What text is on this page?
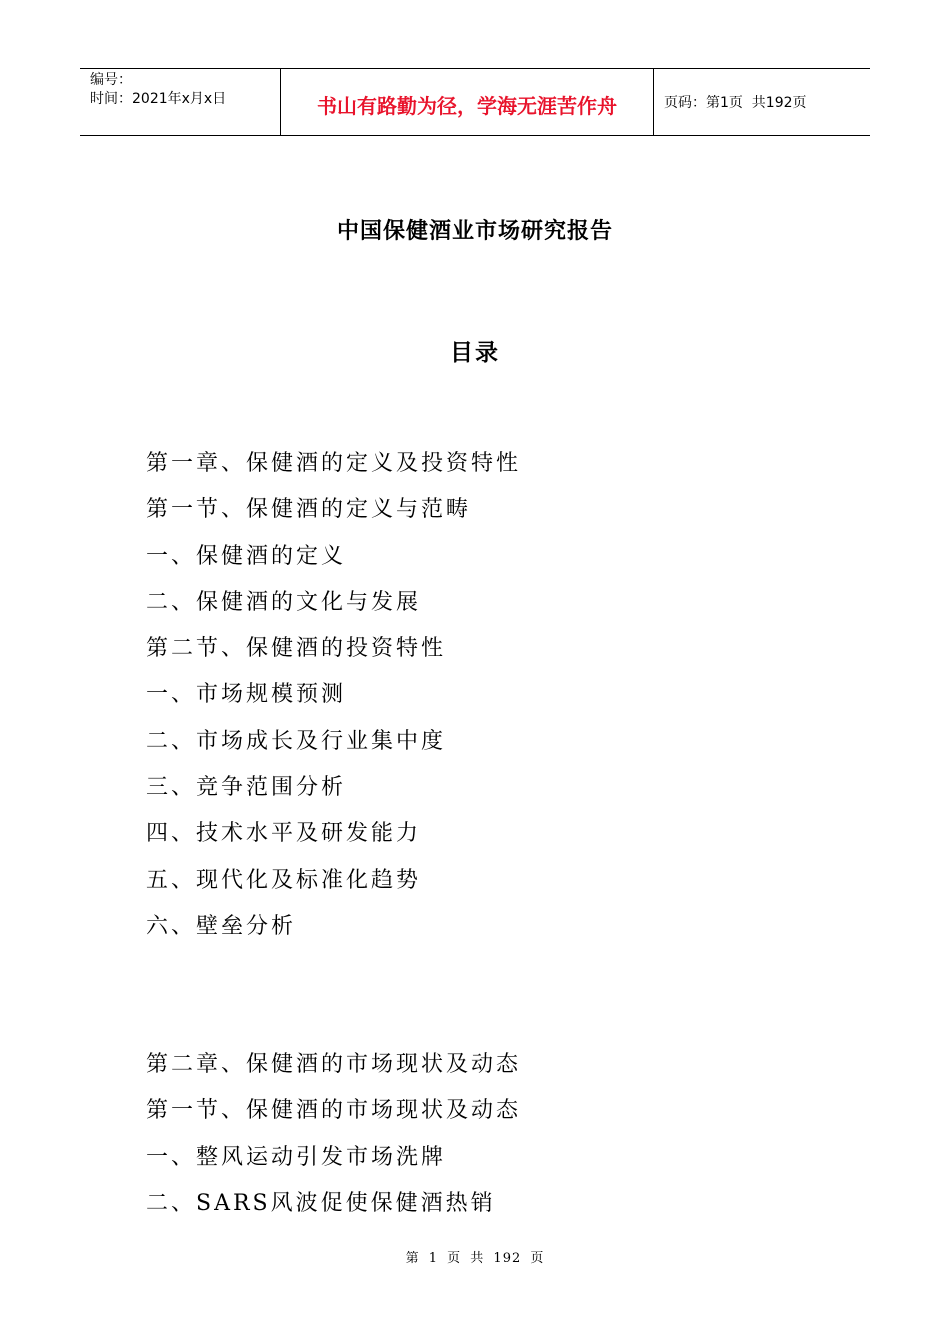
编号：
时间：2021年x月x日	书山有路勤为径，学海无涯苦作舟	页码：第1页  共192页
中国保健酒业市场研究报告
目录
第一章、保健酒的定义及投资特性
第一节、保健酒的定义与范畴
一、保健酒的定义
二、保健酒的文化与发展
第二节、保健酒的投资特性
一、市场规模预测
二、市场成长及行业集中度
三、竞争范围分析
四、技术水平及研发能力
五、现代化及标准化趋势
六、壁垒分析
第二章、保健酒的市场现状及动态
第一节、保健酒的市场现状及动态
一、整风运动引发市场洗牌
二、SARS风波促使保健酒热销
第 1 页 共 192 页
